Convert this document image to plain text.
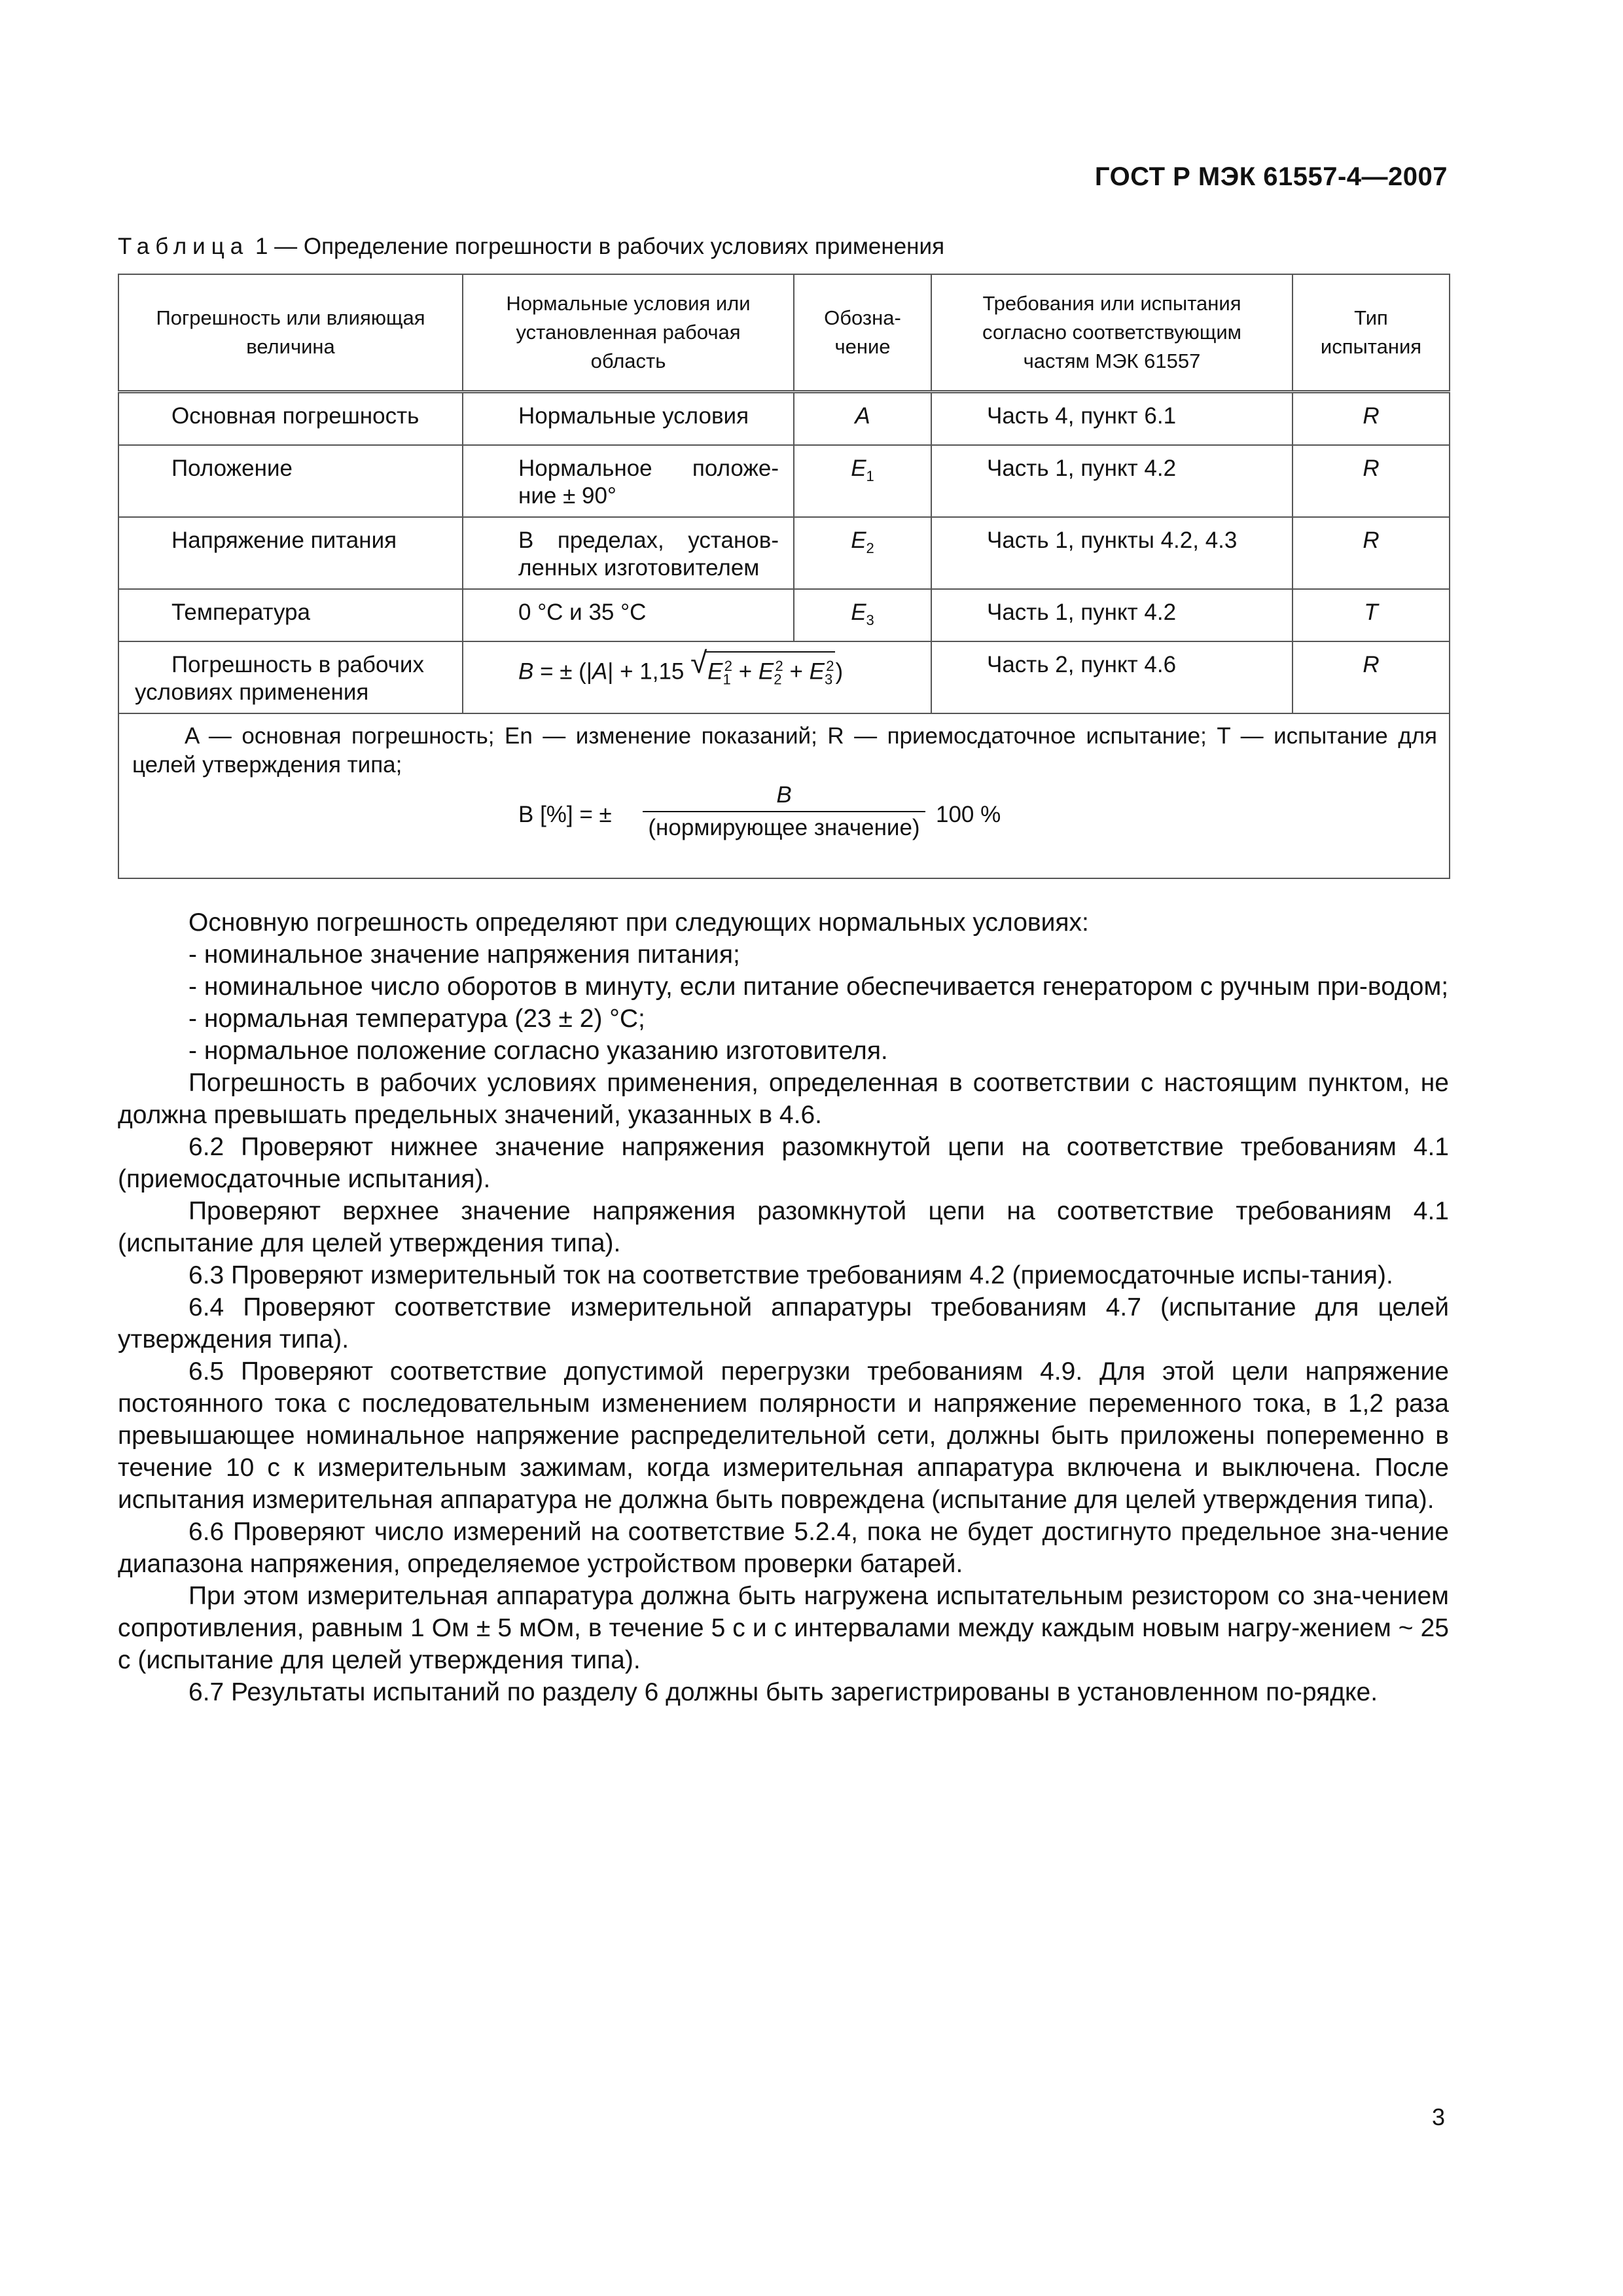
ГОСТ Р МЭК 61557-4—2007
Таблица 1 — Определение погрешности в рабочих условиях применения
Погрешность или влияющая величина	Нормальные условия или установленная рабочая область	Обозна-чение	Требования или испытания согласно соответствующим частям МЭК 61557	Тип испытания

Основная погрешность	Нормальные условия	A	Часть 4, пункт 6.1	R

Положение	Нормальное положе-ние ± 90°	$E_1$	Часть 1, пункт 4.2	R

Напряжение питания	В пределах, установ-ленных изготовителем	$E_2$	Часть 1, пункты 4.2, 4.3	R

Температура	0 °C и 35 °C	$E_3$	Часть 1, пункт 4.2	T

Погрешность в рабочих условиях применения	B = ± (|A| + 1,15 √ $E_1^2 + E_2^2 + E_3^2$)		Часть 2, пункт 4.6	R

A — основная погрешность; En — изменение показаний; R — приемосдаточное испытание; T — испытание для целей утверждения типа;
B [%] = ±
B
(нормирующее значение)
100 %				

Основную погрешность определяют при следующих нормальных условиях:

- номинальное значение напряжения питания;

- номинальное число оборотов в минуту, если питание обеспечивается генератором с ручным при-водом;

- нормальная температура (23 ± 2) °C;

- нормальное положение согласно указанию изготовителя.

Погрешность в рабочих условиях применения, определенная в соответствии с настоящим пунктом, не должна превышать предельных значений, указанных в 4.6.

6.2 Проверяют нижнее значение напряжения разомкнутой цепи на соответствие требованиям 4.1 (приемосдаточные испытания).

Проверяют верхнее значение напряжения разомкнутой цепи на соответствие требованиям 4.1 (испытание для целей утверждения типа).

6.3 Проверяют измерительный ток на соответствие требованиям 4.2 (приемосдаточные испы-тания).

6.4 Проверяют соответствие измерительной аппаратуры требованиям 4.7 (испытание для целей утверждения типа).

6.5 Проверяют соответствие допустимой перегрузки требованиям 4.9. Для этой цели напряжение постоянного тока с последовательным изменением полярности и напряжение переменного тока, в 1,2 раза превышающее номинальное напряжение распределительной сети, должны быть приложены попеременно в течение 10 с к измерительным зажимам, когда измерительная аппаратура включена и выключена. После испытания измерительная аппаратура не должна быть повреждена (испытание для целей утверждения типа).

6.6 Проверяют число измерений на соответствие 5.2.4, пока не будет достигнуто предельное зна-чение диапазона напряжения, определяемое устройством проверки батарей.

При этом измерительная аппаратура должна быть нагружена испытательным резистором со зна-чением сопротивления, равным 1 Ом ± 5 мОм, в течение 5 с и с интервалами между каждым новым нагру-жением ~ 25 с (испытание для целей утверждения типа).

6.7 Результаты испытаний по разделу 6 должны быть зарегистрированы в установленном по-рядке.

3
